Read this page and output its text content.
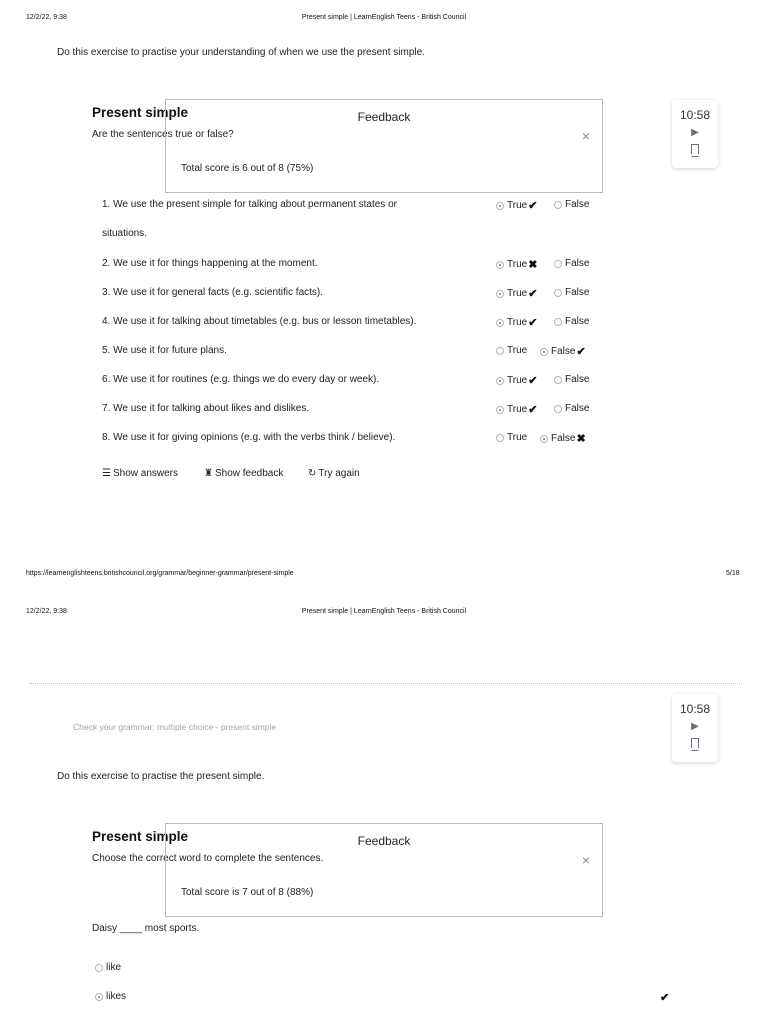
12/2/22, 9:38	Present simple | LearnEnglish Teens - British Council
Do this exercise to practise your understanding of when we use the present simple.
Present simple
Are the sentences true or false?
Feedback
×
Total score is 6 out of 8 (75%)
10:58
▶
1. We use the present simple for talking about permanent states or
situations.
True ✔	False
2. We use it for things happening at the moment.	True ✖	False
3. We use it for general facts (e.g. scientific facts).	True ✔	False
4. We use it for talking about timetables (e.g. bus or lesson timetables).	True ✔	False
5. We use it for future plans.	True False ✔
6. We use it for routines (e.g. things we do every day or week).	True ✔	False
7. We use it for talking about likes and dislikes.	True ✔	False
8. We use it for giving opinions (e.g. with the verbs think / believe).	True False ✖
☰ Show answers	♜ Show feedback ↻ Try again
https://learnenglishteens.britishcouncil.org/grammar/beginner-grammar/present-simple	5/18
12/2/22, 9:38	Present simple | LearnEnglish Teens - British Council
10:58
▶
Check your grammar: multiple choice - present simple
Do this exercise to practise the present simple.
Present simple
Choose the correct word to complete the sentences.
Feedback
×
Total score is 7 out of 8 (88%)
Daisy ____ most sports.
like
likes	✔
